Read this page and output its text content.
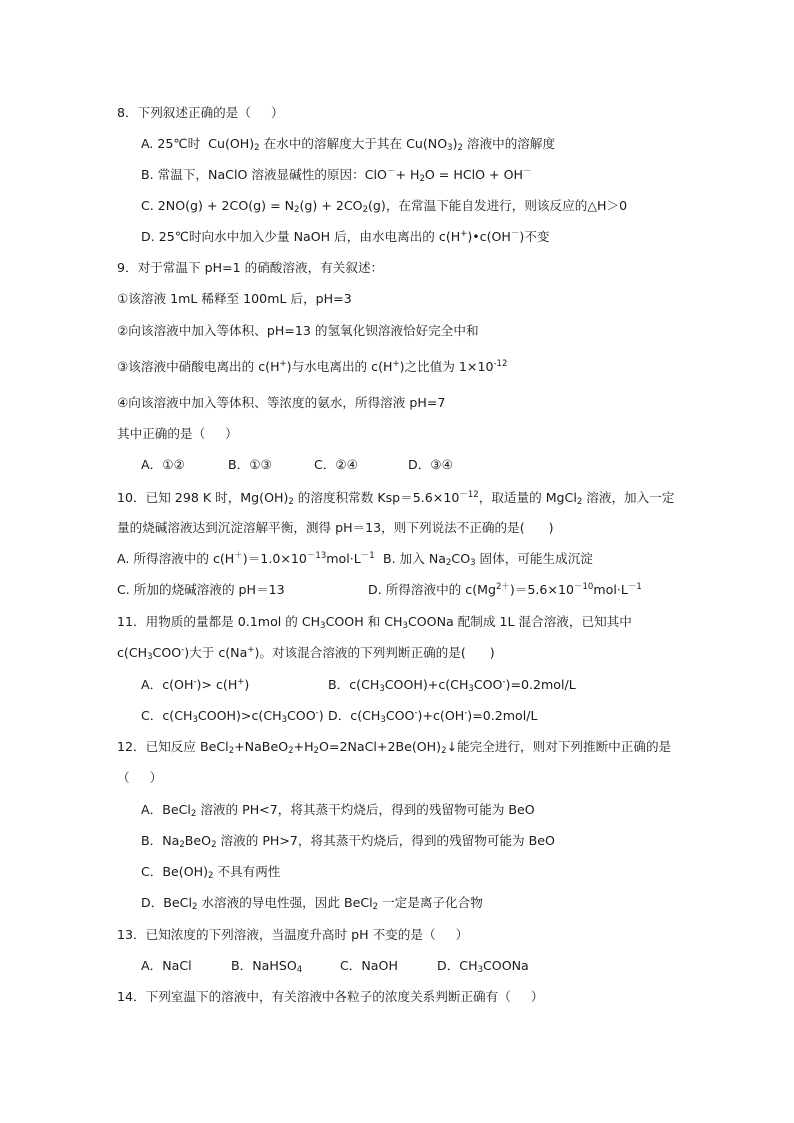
8．下列叙述正确的是（     ）
A. 25℃时  $Cu(OH)_2$ 在水中的溶解度大于其在 $Cu(NO_3)_2$ 溶液中的溶解度
B. 常温下，NaClO 溶液显碱性的原因：$ClO^-+ H_2O$ = HClO + OH－
C. $2NO(g) + 2CO(g) = N_2(g) + 2CO_2(g)$，在常温下能自发进行，则该反应的△H＞0
D. 25℃时向水中加入少量 NaOH 后，由水电离出的 c(H+)•c(OH－)不变
9．对于常温下 pH=1 的硝酸溶液，有关叙述：
①该溶液 1mL 稀释至 100mL 后，pH=3
②向该溶液中加入等体积、pH=13 的氢氧化钡溶液恰好完全中和
③该溶液中硝酸电离出的 c(H+)与水电离出的 c(H+)之比值为 $1\times 10^{-12}$
④向该溶液中加入等体积、等浓度的氨水，所得溶液 pH=7
其中正确的是（     ）
A．①②	B．①③	C．②④	D．③④
10．已知 298 K 时，$Mg(OH)_2$ 的溶度积常数 $Ksp=5.6\times 10^{-12}$，取适量的 MgCl$_2$ 溶液，加入一定
量的烧碱溶液达到沉淀溶解平衡，测得 pH＝13，则下列说法不正确的是(      )
A. 所得溶液中的 $c(H^+)=1.0\times 10^{-13}mol\cdot L^{-1}$ B. 加入 $Na_2CO_3$ 固体，可能生成沉淀
C. 所加的烧碱溶液的 pH＝13	D. 所得溶液中的 $c(Mg^{2+})=5.6\times 10^{-10}mol\cdot L^{-1}$
11．用物质的量都是 0.1mol 的 $CH_3COOH$ 和 $CH_3COONa$ 配制成 1L 混合溶液，已知其中
$c(CH_3COO^-)$大于 c(Na+)。对该混合溶液的下列判断正确的是(      )
A．c(OH-)> c(H+)	B．$c(CH_3COOH)+c(CH_3COO^-)=0.2mol/L$
C．$c(CH_3COOH)>c(CH_3COO^-)$ D．$c(CH_3COO^-)+c(OH^-)=0.2mol/L$
12．已知反应 $BeCl_2+NaBeO_2+H_2O=2NaCl+2Be(OH)_2↓$能完全进行，则对下列推断中正确的是
（     ）
A．BeCl$_2$ 溶液的 PH<7，将其蒸干灼烧后，得到的残留物可能为 BeO
B．$Na_2BeO_2$ 溶液的 PH>7，将其蒸干灼烧后，得到的残留物可能为 BeO
C．$Be(OH)_2$ 不具有两性
D．BeCl$_2$ 水溶液的导电性强，因此 BeCl$_2$ 一定是离子化合物
13．已知浓度的下列溶液，当温度升高时 pH 不变的是（     ）
A．NaCl	B．NaHSO$_4$	C．NaOH	D．$CH_3COONa$
14．下列室温下的溶液中，有关溶液中各粒子的浓度关系判断正确有（     ）
